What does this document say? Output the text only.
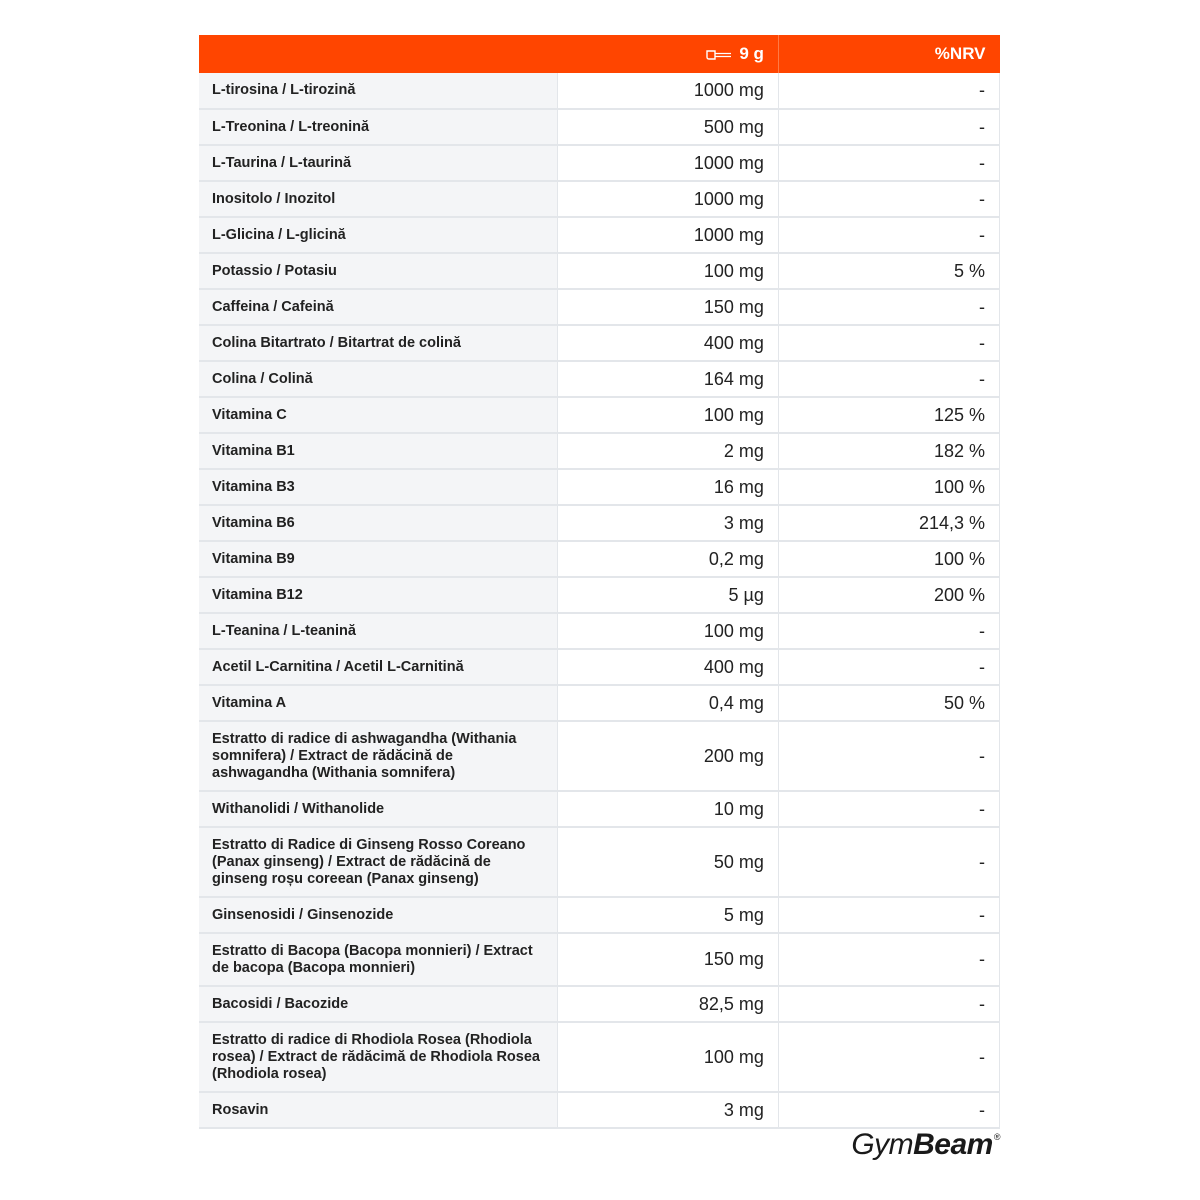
	9 g	%NRV
L-tirosina / L-tirozină	1000 mg	-
L-Treonina / L-treonină	500 mg	-
L-Taurina / L-taurină	1000 mg	-
Inositolo / Inozitol	1000 mg	-
L-Glicina / L-glicină	1000 mg	-
Potassio / Potasiu	100 mg	5 %
Caffeina / Cafeină	150 mg	-
Colina Bitartrato / Bitartrat de colină	400 mg	-
Colina / Colină	164 mg	-
Vitamina C	100 mg	125 %
Vitamina B1	2 mg	182 %
Vitamina B3	16 mg	100 %
Vitamina B6	3 mg	214,3 %
Vitamina B9	0,2 mg	100 %
Vitamina B12	5 µg	200 %
L-Teanina / L-teanină	100 mg	-
Acetil L-Carnitina / Acetil L-Carnitină	400 mg	-
Vitamina A	0,4 mg	50 %
Estratto di radice di ashwagandha (Withania somnifera) / Extract de rădăcină de ashwagandha (Withania somnifera)	200 mg	-
Withanolidi / Withanolide	10 mg	-
Estratto di Radice di Ginseng Rosso Coreano (Panax ginseng) / Extract de rădăcină de ginseng roșu coreean (Panax ginseng)	50 mg	-
Ginsenosidi / Ginsenozide	5 mg	-
Estratto di Bacopa (Bacopa monnieri) / Extract de bacopa (Bacopa monnieri)	150 mg	-
Bacosidi / Bacozide	82,5 mg	-
Estratto di radice di Rhodiola Rosea (Rhodiola rosea) / Extract de rădăcimă de Rhodiola Rosea (Rhodiola rosea)	100 mg	-
Rosavin	3 mg	-
GymBeam®
